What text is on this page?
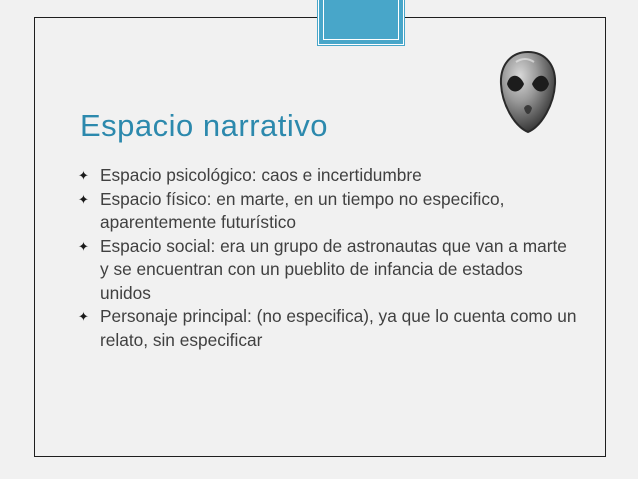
Espacio narrativo
✦ Espacio psicológico: caos e incertidumbre
✦ Espacio físico: en marte, en un tiempo no especifico, aparentemente futurístico
✦ Espacio social: era un grupo de astronautas que van a marte y se encuentran con un pueblito de infancia de estados unidos
✦ Personaje principal: (no especifica), ya que lo cuenta como un relato, sin especificar
